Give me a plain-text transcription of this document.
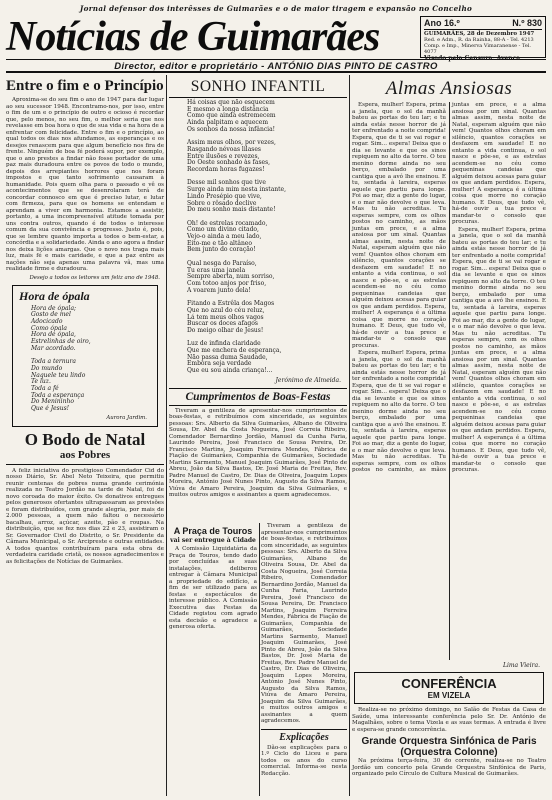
Jornal defensor dos interêsses de Guimarães e o de maior tiragem e expansão no Concelho
Notícias de Guimarães	Ano 16.º	N.º 830
GUIMARÃES, 28 de Dezembro 1947
Red. e Adm., R. da Rainha, 88-A - Tel. 4213
Comp. e Imp., Minerva Vimaranense - Tel. 4077
Visado pela Censura. Avenca
Director, editor e proprietário - ANTÓNIO DIAS PINTO DE CASTRO
Entre o fim e o Princípio

Aproxima-se do seu fim o ano de 1947 para dar lugar ao seu sucessor 1948. Encontramo-nos, por isso, entre o fim de um e o princípio de outro e ocioso é recordar que, pelo menos, no seu fim, o melhor seria que nos revelasse em boa hora o que de sua vida e na hora de a enfrentar com felicidade. Entre o fim e o princípio, ao qual todos os dias nos afundamos, as esperanças e os desejos renascem para que algum benefício nos fira de frente. Ninguém de boa fé poderá supor, por exemplo, que o ano prestes a findar não fosse portador de uma paz mais duradoura entre os povos de todo o mundo, depois dos arrepiantes horrores que nos foram impostos e que tanto sofrimento causaram à humanidade. Pois quem olha para o passado e vê os acontecimentos que se desenrolaram terá de concordar connosco em que é preciso lutar, e lutar com firmeza, para que os homens se entendam e aprendam a viver em harmonia. Estamos a assistir, portanto, a uma incompreensível atitude tomada por uns contra outros, quando é de todos o interesse comum da sua convivência e progresso. Justo é, pois, que se lembre quanto importa a todos o bem-estar, a concórdia e a solidariedade. Ainda o ano agora a findar nos deixa lições amargas. Que o novo nos traga mais luz, mais fé e mais caridade, e que a paz entre as nações não seja apenas uma palavra vã, mas uma realidade firme e duradoura.

Desejo a todos os leitores um feliz ano de 1948.
Hora de ópala
Hora de ópala;
Gosto de mel
Adocicado
Como ópala
Hora de ópala,
Estrelinhas de oiro,
Mar acordado.

Toda a ternura
Do mundo
Naquele teu lindo
Te luz.
Toda a fé
Toda a esperança
Do Menininho
Que é Jesus!
Aurora Jardim.
O Bodo de Natal
aos Pobres

A feliz iniciativa do prestigioso Comendador Cid do nosso Diário, Sr. Abel Neto Teixeira, que permitiu reunir centenas de pobres numa grande cerimónia realizada no Teatro Jordão na tarde de Natal, foi de novo coroada do maior êxito. Os donativos entregues pelos generosos ofertantes ultrapassaram as previsões e foram distribuídos, com grande alegria, por mais de 2.000 pessoas, a quem não faltou o necessário bacalhau, arroz, açúcar, azeite, pão e roupas. Na distribuição, que se fez nos dias 22 e 23, assistiram o Sr. Governador Civil do Distrito, o Sr. Presidente da Câmara Municipal, o Sr. Arcipreste e outras entidades. A todos quantos contribuíram para esta obra de verdadeira caridade cristã, os nossos agradecimentos e as felicitações de Notícias de Guimarães.

SONHO INFANTIL
Há coisas que não esquecem
E mesmo a longa distância
Como que ainda estremecem
Ainda palpitam e aquecem
Os sonhos da nossa infância!

Assim meus olhos, por vezes,
Rasgando névoas lilases
Entre ilusões e revezes,
Do Oeste sonhado às fases,
Recordam horas fugazes!

Desse mil sonhos que tive
Surge ainda mim nesta instante,
Lindo Presépio que vive,
Sobre o rôsado declive
Do meu sonho mais distante!

Oh! de estrelas rocamado,
Como um divino citado,
Vejo-o ainda a meu lado,
Eito-me e tão altâneo
Bem junto do coração!

Qual nesga do Paraíso,
Tu eras uma janela
Sempre aberta, num sorriso,
Com totoo anjos por friso,
A voarem junto dela!

Fitando a Estrêla dos Magos
Que no azul do céu reluz,
Lá tem meus olhos vagos
Buscar os doces afagos
Do meigo olhar de Jesus!

Luz de infinda claridade
Que me enchera de esperança,
Não passa duma Saudade,
Embora seja verdade
Que eu sou ainda criança!...
Jerónimo de Almeida.
Cumprimentos de Boas-Festas

Tiveram a gentileza de apresentar-nos cumprimentos de boas-festas, e retribuímos com sinceridade, as seguintes pessoas: Srs. Alberto da Silva Guimarães, Albano de Oliveira Sousa, Dr. Abel da Costa Nogueira, José Correia Ribeiro, Comendador Bernardino Jordão, Manuel da Cunha Faria, Laurindo Pereira, José Francisco de Sousa Pereira, Dr. Francisco Martins, Joaquim Ferreira Mendes, Fábrica de Fiação de Guimarães, Companhia de Guimarães, Sociedade Martins Sarmento, Manuel Joaquim Guimarães, José Pinto de Abreu, João da Silva Bastos, Dr. José Maria de Freitas, Rev. Padre Manuel de Castro, Dr. Dias de Oliveira, Joaquim Lopes Moreira, António José Nunes Pinto, Augusto da Silva Ramos, Viúva de Amaro Pereira, Joaquim da Silva Guimarães, e muitos outros amigos e assinantes a quem agradecemos.

A Praça de Touros
vai ser entregue à Cidade

A Comissão Liquidatária da Praça de Touros, tendo dado por concluídas as suas instalações, deliberou entregar à Câmara Municipal a propriedade do edifício, a fim de ser utilizado para as festas e espectáculos de interesse público. A Comissão Executiva das Festas da Cidade registou com agrado esta decisão e agradece a generosa oferta.

Tiveram a gentileza de apresentar-nos cumprimentos de boas-festas, e retribuímos com sinceridade, as seguintes pessoas: Srs. Alberto da Silva Guimarães, Albano de Oliveira Sousa, Dr. Abel da Costa Nogueira, José Correia Ribeiro, Comendador Bernardino Jordão, Manuel da Cunha Faria, Laurindo Pereira, José Francisco de Sousa Pereira, Dr. Francisco Martins, Joaquim Ferreira Mendes, Fábrica de Fiação de Guimarães, Companhia de Guimarães, Sociedade Martins Sarmento, Manuel Joaquim Guimarães, José Pinto de Abreu, João da Silva Bastos, Dr. José Maria de Freitas, Rev. Padre Manuel de Castro, Dr. Dias de Oliveira, Joaquim Lopes Moreira, António José Nunes Pinto, Augusto da Silva Ramos, Viúva de Amaro Pereira, Joaquim da Silva Guimarães, e muitos outros amigos e assinantes a quem agradecemos.

Explicações

Dão-se explicações para o 1.º Ciclo do Liceu e para todos os anos do curso comercial. Informa-se nesta Redacção.

Almas Ansiosas

Espera, mulher! Espera, prima a janela, que o sol da manhã bateu as portas do teu lar; e tu ainda estás nesse horror de já ter enfrentado a noite comprida! Espera, que de ti se vai rogar e rogar. Sim... espera! Deixa que o dia se levante e que os sinos repiquem no alto da torre. O teu menino dorme ainda no seu berço, embalado por uma cantiga que a avó lhe ensinou. E tu, sentada à lareira, esperas aquele que partiu para longe. Foi ao mar, diz a gente do lugar, e o mar não devolve o que leva. Mas tu não acreditas. Tu esperas sempre, com os olhos postos no caminho, as mãos juntas em prece, e a alma ansiosa por um sinal. Quantas almas assim, nesta noite de Natal, esperam alguém que não vem! Quantos olhos choram em silêncio, quantos corações se desfazem em saudade! E no entanto a vida continua, o sol nasce e põe-se, e as estrelas acendem-se no céu como pequeninas candeias que alguém deixou acesas para guiar os que andam perdidos. Espera, mulher! A esperança é a última coisa que morre no coração humano. E Deus, que tudo vê, há-de ouvir a tua prece e mandar-te o consolo que procuras.

Espera, mulher! Espera, prima a janela, que o sol da manhã bateu as portas do teu lar; e tu ainda estás nesse horror de já ter enfrentado a noite comprida! Espera, que de ti se vai rogar e rogar. Sim... espera! Deixa que o dia se levante e que os sinos repiquem no alto da torre. O teu menino dorme ainda no seu berço, embalado por uma cantiga que a avó lhe ensinou. E tu, sentada à lareira, esperas aquele que partiu para longe. Foi ao mar, diz a gente do lugar, e o mar não devolve o que leva. Mas tu não acreditas. Tu esperas sempre, com os olhos postos no caminho, as mãos juntas em prece, e a alma ansiosa por um sinal. Quantas almas assim, nesta noite de Natal, esperam alguém que não vem! Quantos olhos choram em silêncio, quantos corações se desfazem em saudade! E no entanto a vida continua, o sol nasce e põe-se, e as estrelas acendem-se no céu como pequeninas candeias que alguém deixou acesas para guiar os que andam perdidos. Espera, mulher! A esperança é a última coisa que morre no coração humano. E Deus, que tudo vê, há-de ouvir a tua prece e mandar-te o consolo que procuras.

Espera, mulher! Espera, prima a janela, que o sol da manhã bateu as portas do teu lar; e tu ainda estás nesse horror de já ter enfrentado a noite comprida! Espera, que de ti se vai rogar e rogar. Sim... espera! Deixa que o dia se levante e que os sinos repiquem no alto da torre. O teu menino dorme ainda no seu berço, embalado por uma cantiga que a avó lhe ensinou. E tu, sentada à lareira, esperas aquele que partiu para longe. Foi ao mar, diz a gente do lugar, e o mar não devolve o que leva. Mas tu não acreditas. Tu esperas sempre, com os olhos postos no caminho, as mãos juntas em prece, e a alma ansiosa por um sinal. Quantas almas assim, nesta noite de Natal, esperam alguém que não vem! Quantos olhos choram em silêncio, quantos corações se desfazem em saudade! E no entanto a vida continua, o sol nasce e põe-se, e as estrelas acendem-se no céu como pequeninas candeias que alguém deixou acesas para guiar os que andam perdidos. Espera, mulher! A esperança é a última coisa que morre no coração humano. E Deus, que tudo vê, há-de ouvir a tua prece e mandar-te o consolo que procuras.

Lima Vieira.
CONFERÊNCIA
EM VIZELA

Realiza-se no próximo domingo, no Salão de Festas da Casa de Saúde, uma interessante conferência pelo Sr. Dr. António de Magalhães, sobre o tema Vizela e as suas termas. A entrada é livre e espera-se grande concorrência.

Grande Orquestra Sinfónica de Paris (Orquestra Colonne)

Na próxima terça-feira, 30 do corrente, realiza-se no Teatro Jordão um concerto pela Grande Orquestra Sinfónica de Paris, organizado pelo Círculo de Cultura Musical de Guimarães.
